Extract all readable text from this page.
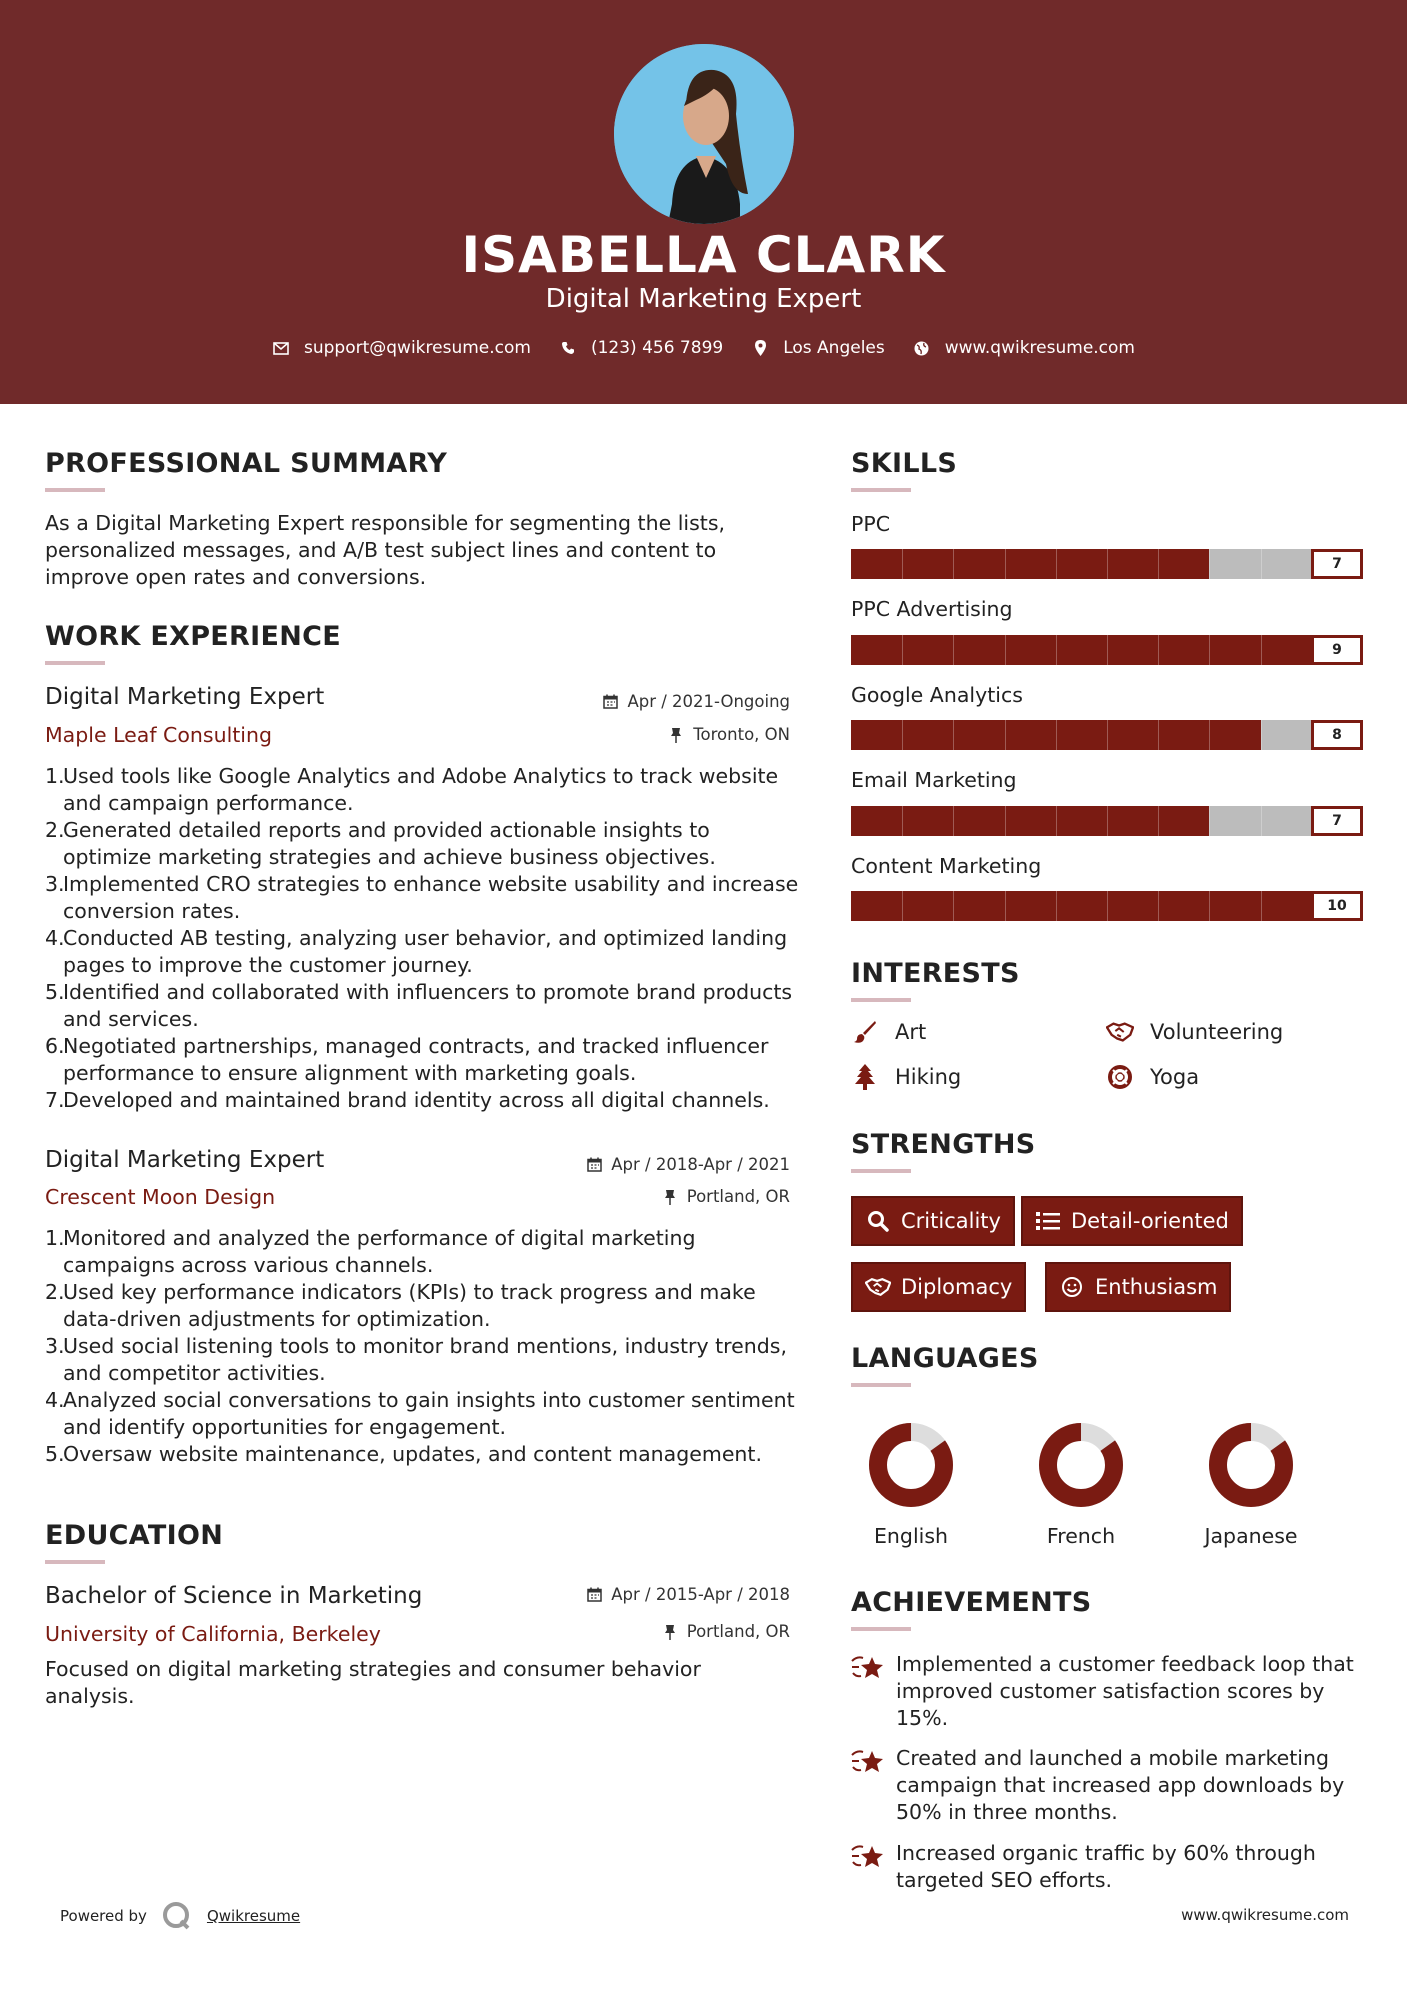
ISABELLA CLARK
Digital Marketing Expert
support@qwikresume.com	(123) 456 7899	Los Angeles	www.qwikresume.com
PROFESSIONAL SUMMARY
As a Digital Marketing Expert responsible for segmenting the lists, personalized messages, and A/B test subject lines and content to improve open rates and conversions.
WORK EXPERIENCE
Digital Marketing Expert	Apr / 2021-Ongoing
Maple Leaf Consulting	Toronto, ON
1.
Used tools like Google Analytics and Adobe Analytics to track website and campaign performance.
2.
Generated detailed reports and provided actionable insights to optimize marketing strategies and achieve business objectives.
3.
Implemented CRO strategies to enhance website usability and increase conversion rates.
4.
Conducted AB testing, analyzing user behavior, and optimized landing pages to improve the customer journey.
5.
Identified and collaborated with influencers to promote brand products and services.
6.
Negotiated partnerships, managed contracts, and tracked influencer performance to ensure alignment with marketing goals.
7.
Developed and maintained brand identity across all digital channels.
Digital Marketing Expert	Apr / 2018-Apr / 2021
Crescent Moon Design	Portland, OR
1.
Monitored and analyzed the performance of digital marketing campaigns across various channels.
2.
Used key performance indicators (KPIs) to track progress and make data-driven adjustments for optimization.
3.
Used social listening tools to monitor brand mentions, industry trends, and competitor activities.
4.
Analyzed social conversations to gain insights into customer sentiment and identify opportunities for engagement.
5.
Oversaw website maintenance, updates, and content management.
EDUCATION
Bachelor of Science in Marketing	Apr / 2015-Apr / 2018
University of California, Berkeley	Portland, OR
Focused on digital marketing strategies and consumer behavior analysis.
SKILLS
PPC
7
PPC Advertising
9
Google Analytics
8
Email Marketing
7
Content Marketing
10
INTERESTS
Art	Volunteering
Hiking	Yoga
STRENGTHS
Criticality	Detail-oriented
Diplomacy	Enthusiasm
LANGUAGES
English	French	Japanese
ACHIEVEMENTS
Implemented a customer feedback loop that improved customer satisfaction scores by 15%.
Created and launched a mobile marketing campaign that increased app downloads by 50% in three months.
Increased organic traffic by 60% through targeted SEO efforts.
Powered by	Qwikresume	www.qwikresume.com
